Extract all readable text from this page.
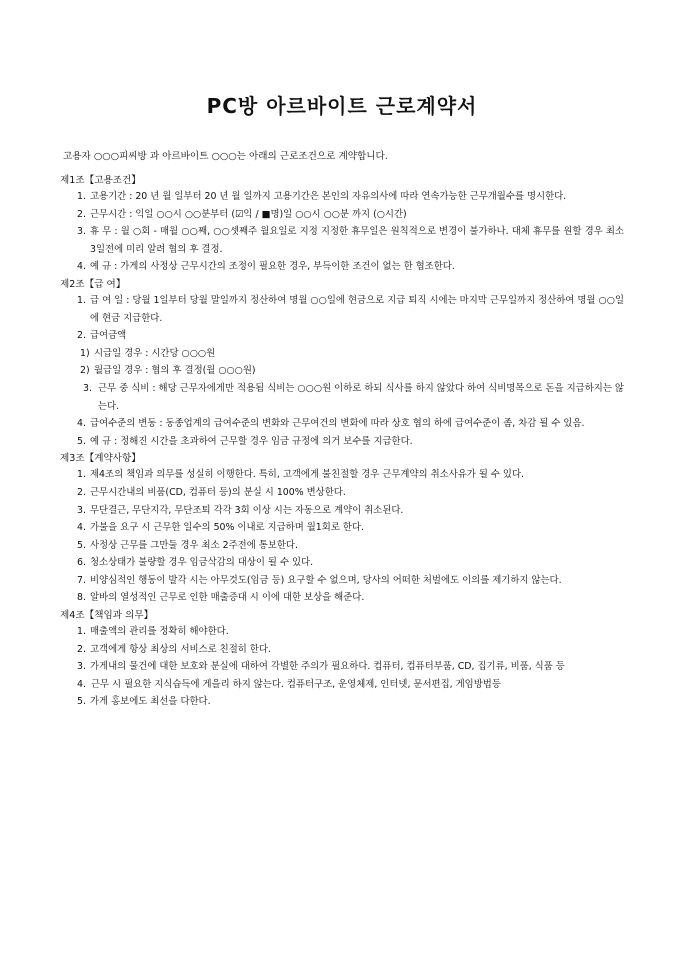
PC방 아르바이트 근로계약서
고용자 ○○○피씨방 과 아르바이트 ○○○는 아래의 근로조건으로 계약합니다.
제1조【고용조건】
1. 고용기간 : 20 년 월 일부터 20 년 월 일까지 고용기간은 본인의 자유의사에 따라 연속가능한 근무개월수를 명시한다.
2. 근무시간 : 익일 ○○시 ○○분부터 (☑익 / ■명)일 ○○시 ○○분 까지 (○시간)
3. 휴 무 : 월 ○회 - 매월 ○○째, ○○셋째주 월요일로 지정 지정한 휴무일은 원칙적으로 변경이 불가하나. 대체 휴무를 원할 경우 최소 3일전에 미리 알려 협의 후 결정.
4. 예 규 : 가게의 사정상 근무시간의 조정이 필요한 경우, 부득이한 조건이 없는 한 협조한다.
제2조【급 여】
1. 급 여 일 : 당월 1일부터 당월 말일까지 정산하여 명월 ○○일에 현금으로 지급 퇴직 시에는 마지막 근무일까지 정산하여 명월 ○○일에 현금 지급한다.
2. 급여금액
1) 시급일 경우 : 시간당 ○○○원
2) 월급일 경우 : 협의 후 결정(월 ○○○원)
3. 근무 중 식비 : 해당 근무자에게만 적용됨 식비는 ○○○원 이하로 하되 식사를 하지 않았다 하여 식비명목으로 돈을 지급하지는 않는다.
4. 급여수준의 변동 : 동종업계의 급여수준의 변화와 근무여건의 변화에 따라 상호 협의 하에 급여수준이 좀, 차감 될 수 있음.
5. 예 규 : 정해진 시간을 초과하여 근무할 경우 임금 규정에 의거 보수를 지급한다.
제3조【계약사항】
1. 제4조의 책임과 의무를 성실히 이행한다. 특히, 고객에게 불친절할 경우 근무계약의 취소사유가 될 수 있다.
2. 근무시간내의 비품(CD, 컴퓨터 등)의 분실 시 100% 변상한다.
3. 무단결근, 무단지각, 무단조퇴 각각 3회 이상 시는 자동으로 계약이 취소된다.
4. 가불을 요구 시 근무한 일수의 50% 이내로 지급하며 월1회로 한다.
5. 사정상 근무를 그만둘 경우 최소 2주전에 통보한다.
6. 청소상태가 불량할 경우 임금삭감의 대상이 될 수 있다.
7. 비양심적인 행동이 발각 시는 아무것도(임금 등) 요구할 수 없으며, 당사의 어떠한 처벌에도 이의를 제기하지 않는다.
8. 알바의 열성적인 근무로 인한 매출증대 시 이에 대한 보상을 해준다.
제4조【책임과 의무】
1. 매출액의 관리를 정확히 해야한다.
2. 고객에게 항상 최상의 서비스로 친절히 한다.
3. 가게내의 물건에 대한 보호와 분실에 대하여 각별한 주의가 필요하다. 컴퓨터, 컴퓨터부품, CD, 집기류, 비품, 식품 등
4. 근무 시 필요한 지식습득에 게을리 하지 않는다. 컴퓨터구조, 운영체제, 인터넷, 문서편집, 게임방법등
5. 가게 홍보에도 최선을 다한다.
